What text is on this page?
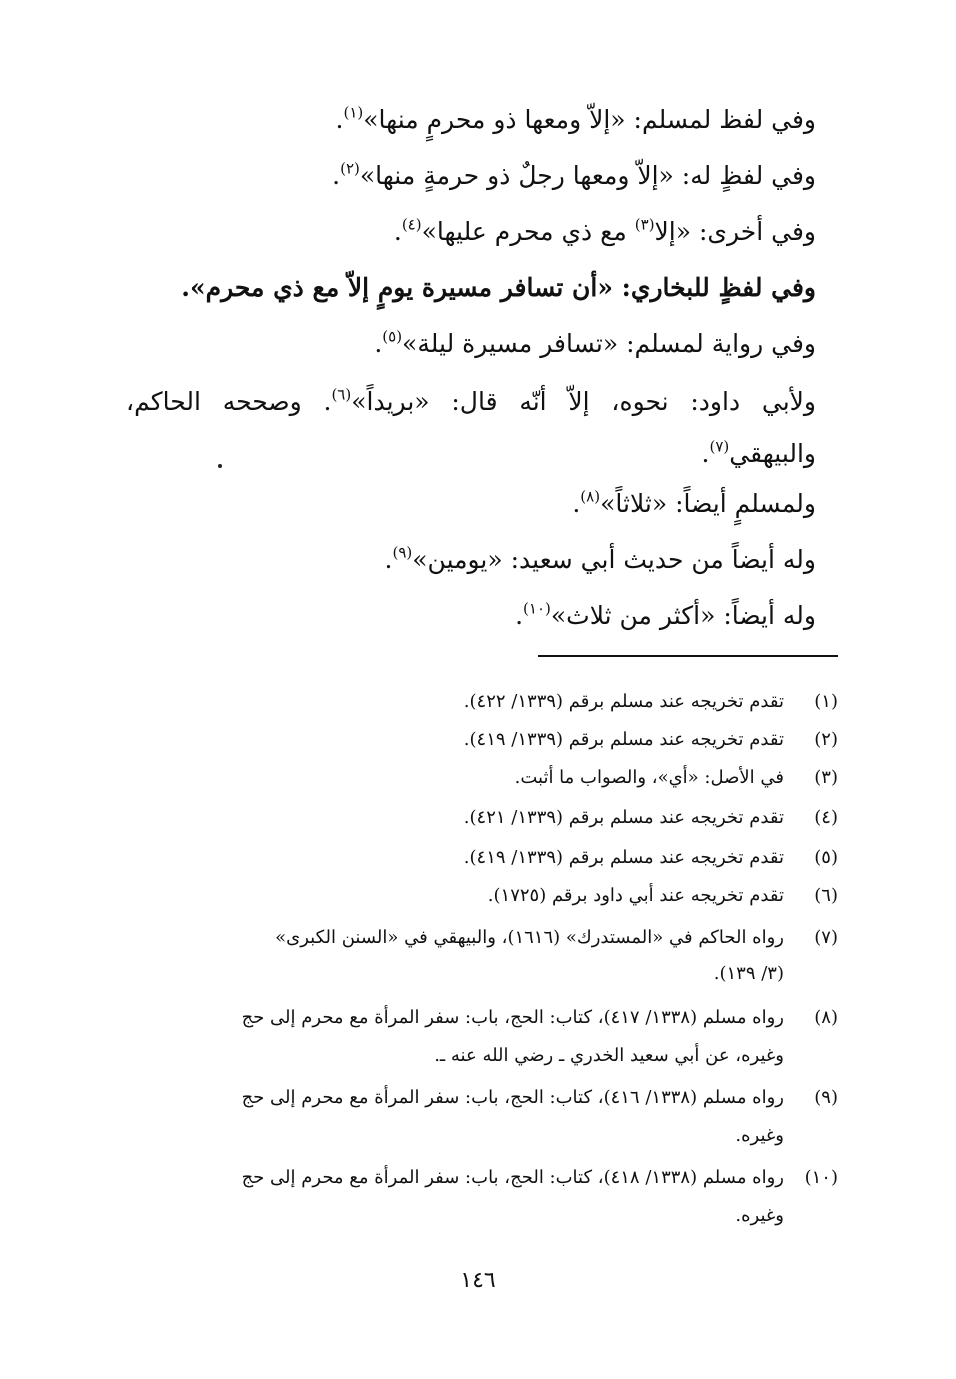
وفي لفظ لمسلم: «إلاّ ومعها ذو محرمٍ منها»$^{(١)}$.
وفي لفظٍ له: «إلاّ ومعها رجلٌ ذو حرمةٍ منها»$^{(٢)}$.
وفي أخرى: «إلا$^{(٣)}$ مع ذي محرم عليها»$^{(٤)}$.
وفي لفظٍ للبخاري: «أن تسافر مسيرة يومٍ إلاّ مع ذي محرم».
وفي رواية لمسلم: «تسافر مسيرة ليلة»$^{(٥)}$.
ولأبي داود: نحوه، إلاّ أنّه قال: «بريداً»$^{(٦)}$. وصححه الحاكم، والبيهقي$^{(٧)}$.
ولمسلمٍ أيضاً: «ثلاثاً»$^{(٨)}$.
وله أيضاً من حديث أبي سعيد: «يومين»$^{(٩)}$.
وله أيضاً: «أكثر من ثلاث»$^{(١٠)}$.
(١)تقدم تخريجه عند مسلم برقم (١٣٣٩/ ٤٢٢).
(٢)تقدم تخريجه عند مسلم برقم (١٣٣٩/ ٤١٩).
(٣)في الأصل: «أي»، والصواب ما أثبت.
(٤)تقدم تخريجه عند مسلم برقم (١٣٣٩/ ٤٢١).
(٥)تقدم تخريجه عند مسلم برقم (١٣٣٩/ ٤١٩).
(٦)تقدم تخريجه عند أبي داود برقم (١٧٢٥).
(٧)رواه الحاكم في «المستدرك» (١٦١٦)، والبيهقي في «السنن الكبرى»
(٣/ ١٣٩).
(٨)رواه مسلم (١٣٣٨/ ٤١٧)، كتاب: الحج، باب: سفر المرأة مع محرم إلى حج
وغيره، عن أبي سعيد الخدري ـ رضي الله عنه ـ.
(٩)رواه مسلم (١٣٣٨/ ٤١٦)، كتاب: الحج، باب: سفر المرأة مع محرم إلى حج
وغيره.
(١٠)رواه مسلم (١٣٣٨/ ٤١٨)، كتاب: الحج، باب: سفر المرأة مع محرم إلى حج
وغيره.
١٤٦
